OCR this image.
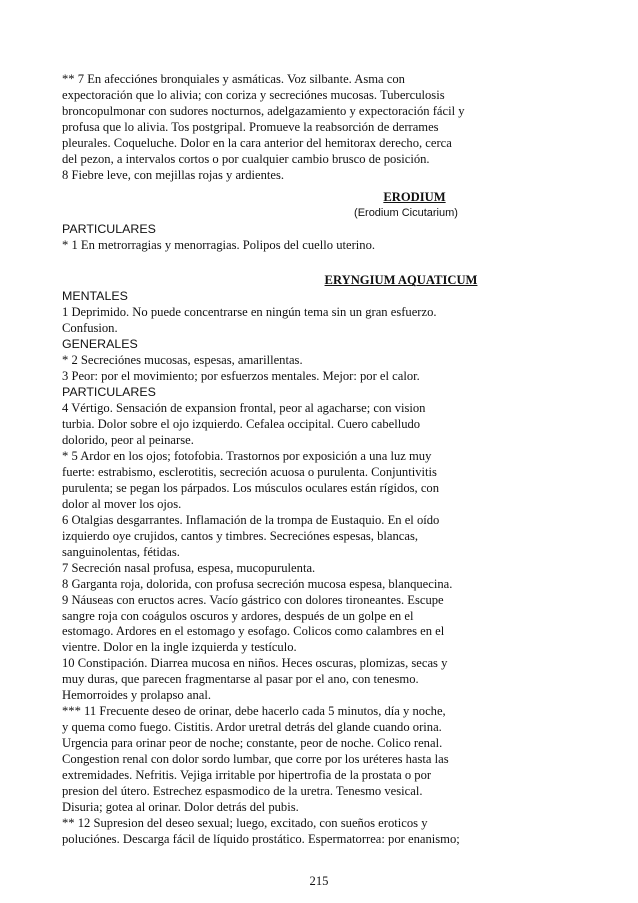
** 7 En afecciónes bronquiales y asmáticas. Voz silbante. Asma con
expectoración que lo alivia; con coriza y secreciónes mucosas. Tuberculosis
broncopulmonar con sudores nocturnos, adelgazamiento y expectoración fácil y
profusa que lo alivia. Tos postgripal. Promueve la reabsorción de derrames
pleurales. Coqueluche. Dolor en la cara anterior del hemitorax derecho, cerca
del pezon, a intervalos cortos o por cualquier cambio brusco de posición.
8 Fiebre leve, con mejillas rojas y ardientes.
ERODIUM
(Erodium Cicutarium)
PARTICULARES
* 1 En metrorragias y menorragias. Polipos del cuello uterino.
ERYNGIUM AQUATICUM
MENTALES
1 Deprimido. No puede concentrarse en ningún tema sin un gran esfuerzo.
Confusion.
GENERALES
* 2 Secreciónes mucosas, espesas, amarillentas.
3 Peor: por el movimiento; por esfuerzos mentales. Mejor: por el calor.
PARTICULARES
4 Vértigo. Sensación de expansion frontal, peor al agacharse; con vision
turbia. Dolor sobre el ojo izquierdo. Cefalea occipital. Cuero cabelludo
dolorido, peor al peinarse.
* 5 Ardor en los ojos; fotofobia. Trastornos por exposición a una luz muy
fuerte: estrabismo, esclerotitis, secreción acuosa o purulenta. Conjuntivitis
purulenta; se pegan los párpados. Los músculos oculares están rígidos, con
dolor al mover los ojos.
6 Otalgias desgarrantes. Inflamación de la trompa de Eustaquio. En el oído
izquierdo oye crujidos, cantos y timbres. Secreciónes espesas, blancas,
sanguinolentas, fétidas.
7 Secreción nasal profusa, espesa, mucopurulenta.
8 Garganta roja, dolorida, con profusa secreción mucosa espesa, blanquecina.
9 Náuseas con eructos acres. Vacío gástrico con dolores tironeantes. Escupe
sangre roja con coágulos oscuros y ardores, después de un golpe en el
estomago. Ardores en el estomago y esofago. Colicos como calambres en el
vientre. Dolor en la ingle izquierda y testículo.
10 Constipación. Diarrea mucosa en niños. Heces oscuras, plomizas, secas y
muy duras, que parecen fragmentarse al pasar por el ano, con tenesmo.
Hemorroides y prolapso anal.
*** 11 Frecuente deseo de orinar, debe hacerlo cada 5 minutos, día y noche,
y quema como fuego. Cistitis. Ardor uretral detrás del glande cuando orina.
Urgencia para orinar peor de noche; constante, peor de noche. Colico renal.
Congestion renal con dolor sordo lumbar, que corre por los uréteres hasta las
extremidades. Nefritis. Vejiga irritable por hipertrofia de la prostata o por
presion del útero. Estrechez espasmodico de la uretra. Tenesmo vesical.
Disuria; gotea al orinar. Dolor detrás del pubis.
** 12 Supresion del deseo sexual; luego, excitado, con sueños eroticos y
poluciónes. Descarga fácil de líquido prostático. Espermatorrea: por enanismo;
215
